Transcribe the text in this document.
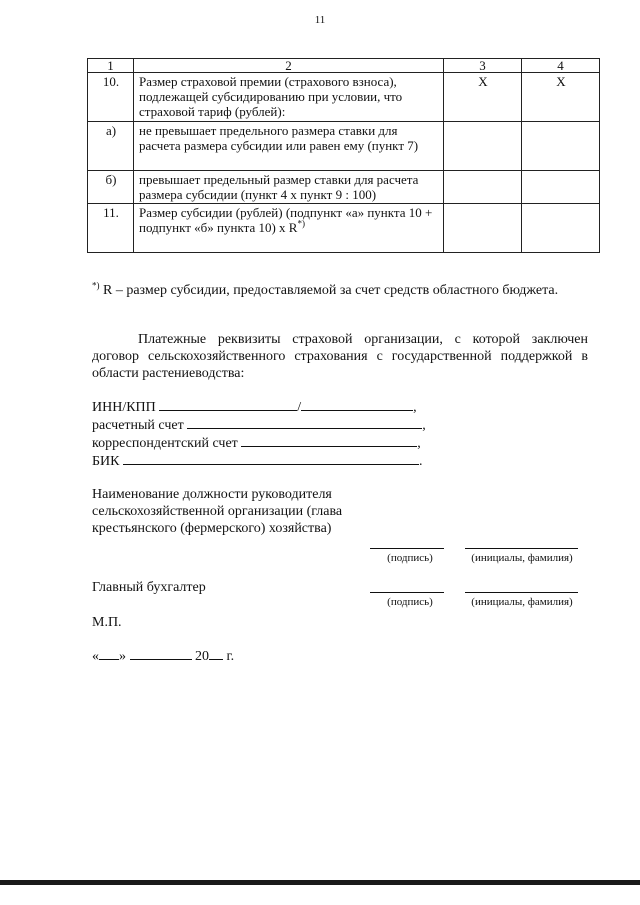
11
1	2	3	4
10.	Размер страховой премии (страхового взноса), подлежащей субсидированию при условии, что страховой тариф (рублей):	X	X
а)	не превышает предельного размера ставки для расчета размера субсидии или равен ему (пункт 7)		
б)	превышает предельный размер ставки для расчета размера субсидии (пункт 4 х пункт 9 : 100)		
11.	Размер субсидии (рублей) (подпункт «а» пункта 10 + подпункт «б» пункта 10) х R*)		
*) R – размер субсидии, предоставляемой за счет средств областного бюджета.
Платежные реквизиты страховой организации, с которой заключен договор сельскохозяйственного страхования с государственной поддержкой в области растениеводства:
ИНН/КПП	/	,
расчетный счет	,
корреспондентский счет	,
БИК	.
Наименование должности руководителя сельскохозяйственной организации (глава крестьянского (фермерского) хозяйства)
(подпись)	(инициалы, фамилия)
Главный бухгалтер
(подпись)	(инициалы, фамилия)
М.П.
« »	20 г.
